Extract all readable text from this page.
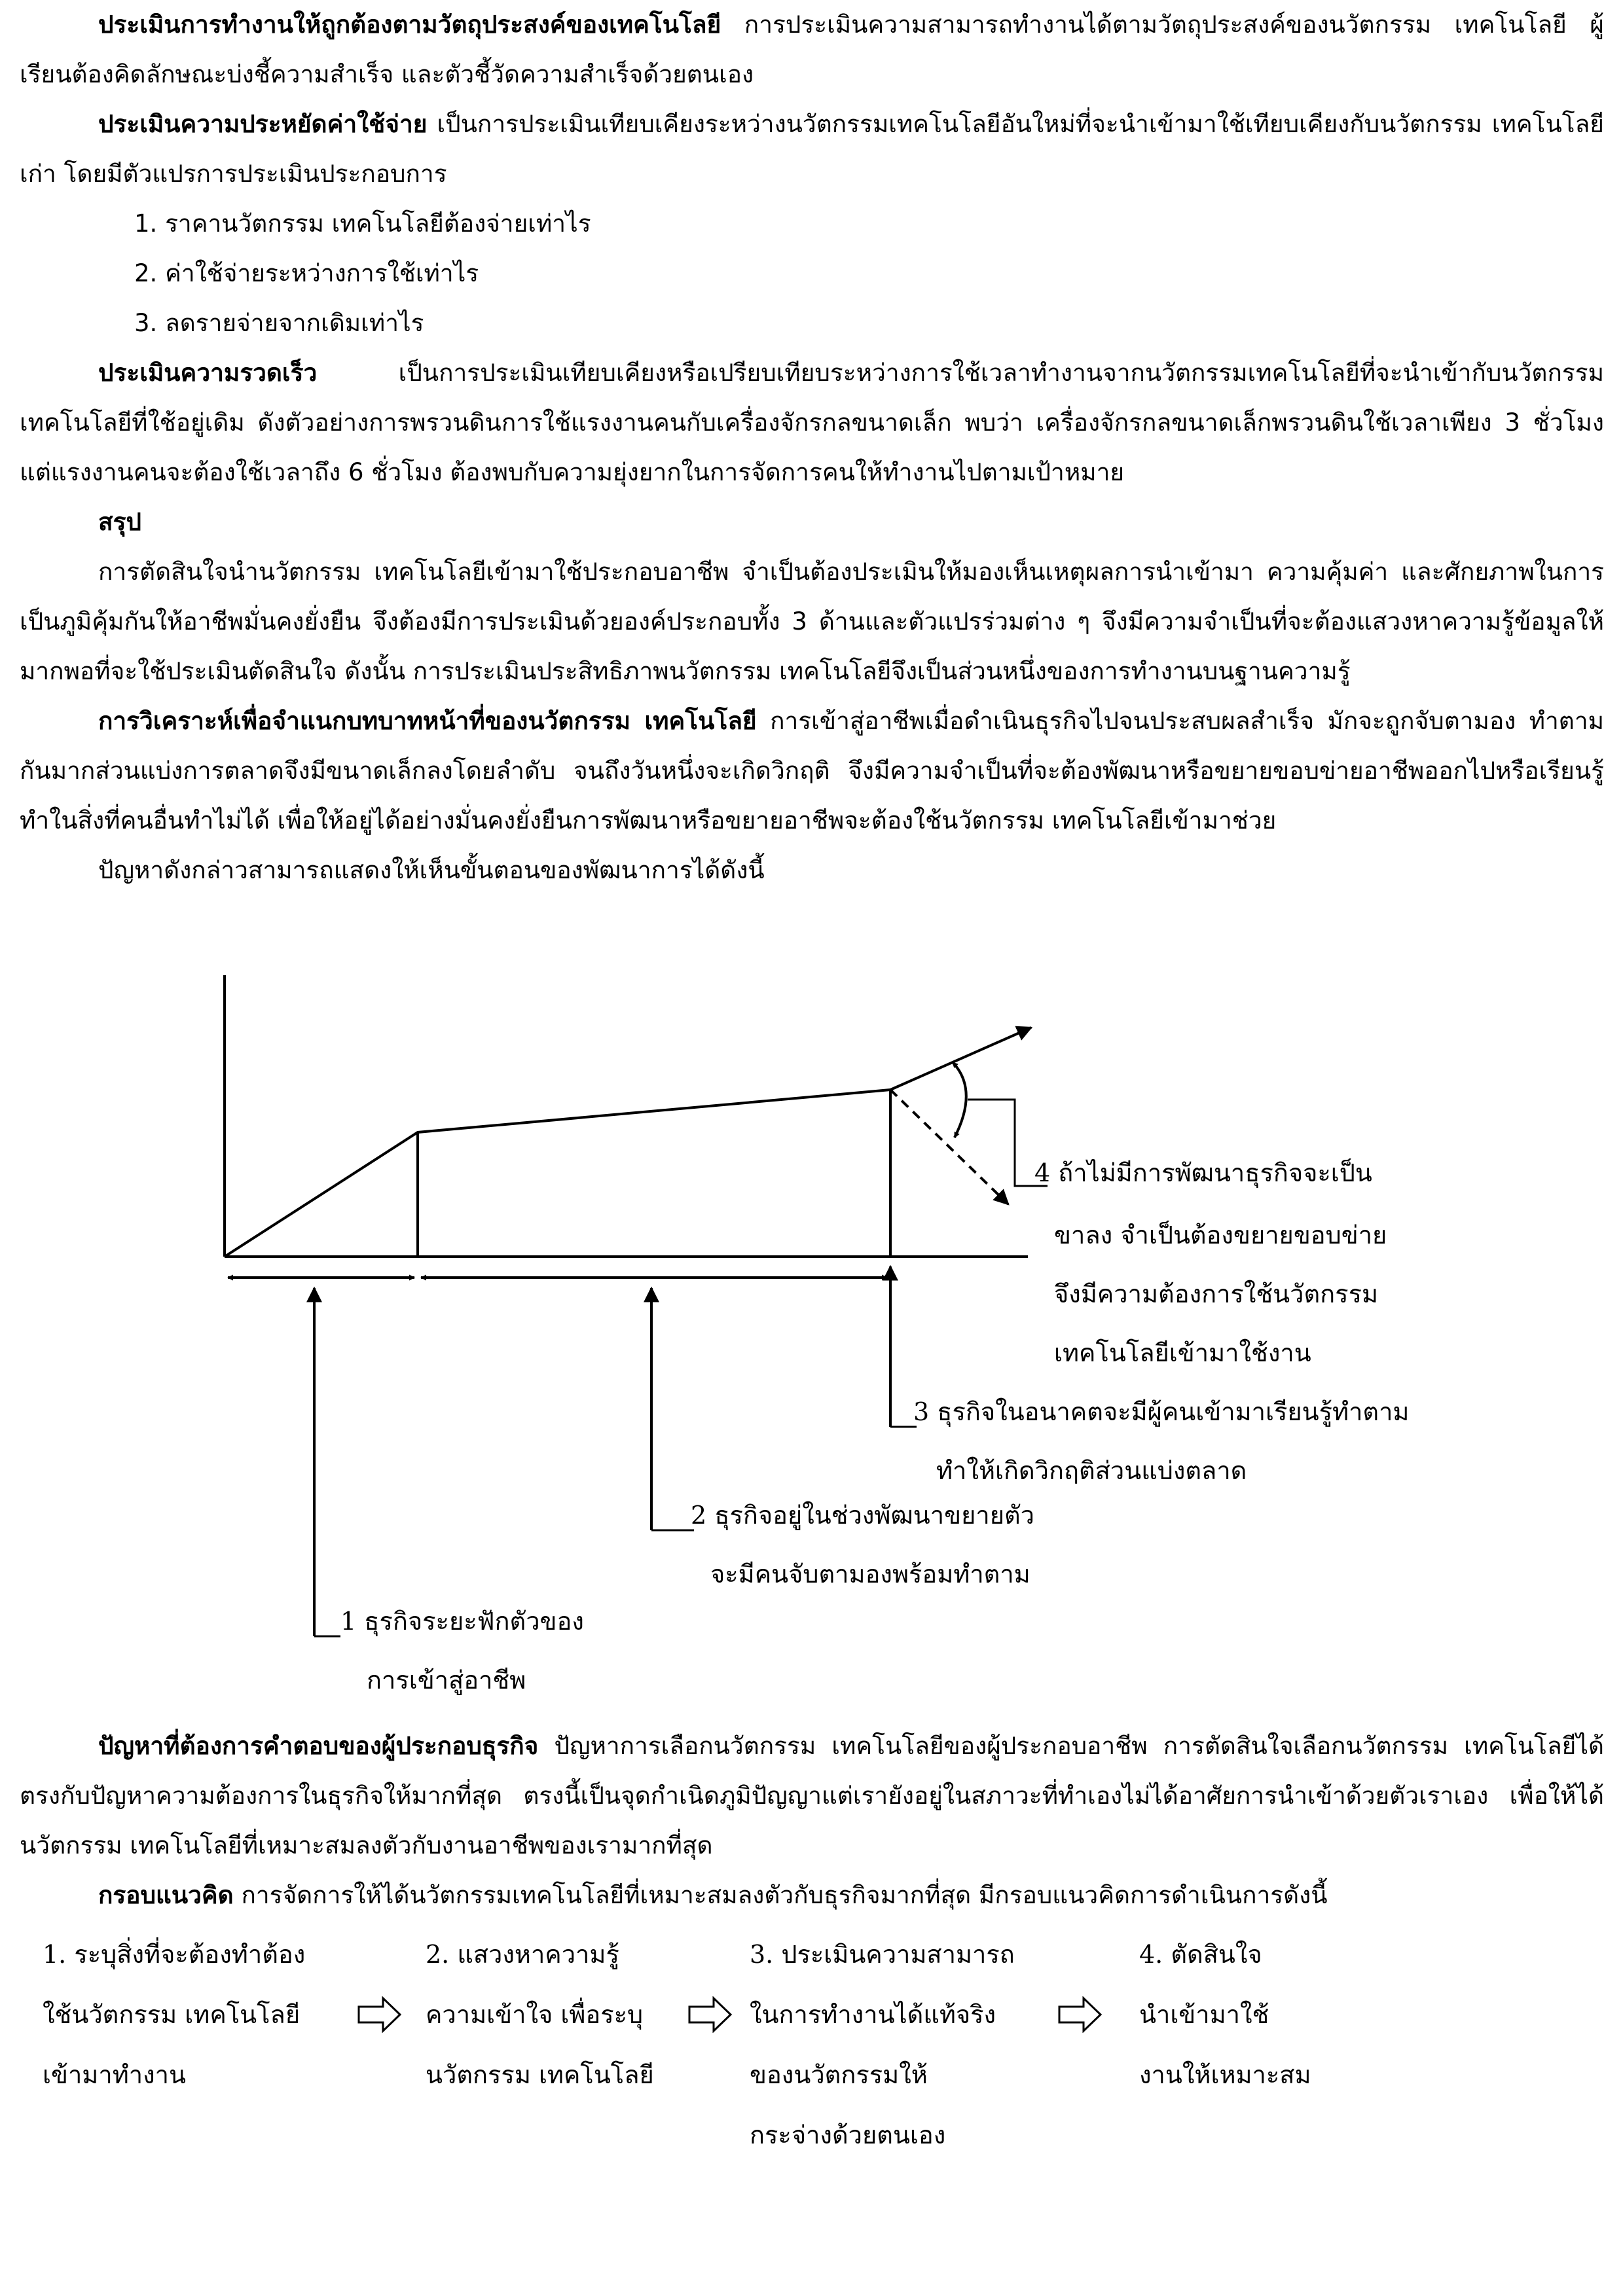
ประเมินการทำงานให้ถูกต้องตามวัตถุประสงค์ของเทคโนโลยี การประเมินความสามารถทำงานได้ตามวัตถุประสงค์ของนวัตกรรม เทคโนโลยี ผู้เรียนต้องคิดลักษณะบ่งชี้ความสำเร็จ และตัวชี้วัดความสำเร็จด้วยตนเอง

ประเมินความประหยัดค่าใช้จ่าย เป็นการประเมินเทียบเคียงระหว่างนวัตกรรมเทคโนโลยีอันใหม่ที่จะนำเข้ามาใช้เทียบเคียงกับนวัตกรรม เทคโนโลยีเก่า โดยมีตัวแปรการประเมินประกอบการ

1. ราคานวัตกรรม เทคโนโลยีต้องจ่ายเท่าไร

2. ค่าใช้จ่ายระหว่างการใช้เท่าไร

3. ลดรายจ่ายจากเดิมเท่าไร

ประเมินความรวดเร็ว เป็นการประเมินเทียบเคียงหรือเปรียบเทียบระหว่างการใช้เวลาทำงานจากนวัตกรรมเทคโนโลยีที่จะนำเข้ากับนวัตกรรม เทคโนโลยีที่ใช้อยู่เดิม ดังตัวอย่างการพรวนดินการใช้แรงงานคนกับเครื่องจักรกลขนาดเล็ก พบว่า เครื่องจักรกลขนาดเล็กพรวนดินใช้เวลาเพียง 3 ชั่วโมง แต่แรงงานคนจะต้องใช้เวลาถึง 6 ชั่วโมง ต้องพบกับความยุ่งยากในการจัดการคนให้ทำงานไปตามเป้าหมาย

สรุป

การตัดสินใจนำนวัตกรรม เทคโนโลยีเข้ามาใช้ประกอบอาชีพ จำเป็นต้องประเมินให้มองเห็นเหตุผลการนำเข้ามา ความคุ้มค่า และศักยภาพในการเป็นภูมิคุ้มกันให้อาชีพมั่นคงยั่งยืน จึงต้องมีการประเมินด้วยองค์ประกอบทั้ง 3 ด้านและตัวแปรร่วมต่าง ๆ จึงมีความจำเป็นที่จะต้องแสวงหาความรู้ข้อมูลให้มากพอที่จะใช้ประเมินตัดสินใจ ดังนั้น การประเมินประสิทธิภาพนวัตกรรม เทคโนโลยีจึงเป็นส่วนหนึ่งของการทำงานบนฐานความรู้

การวิเคราะห์เพื่อจำแนกบทบาทหน้าที่ของนวัตกรรม เทคโนโลยี การเข้าสู่อาชีพเมื่อดำเนินธุรกิจไปจนประสบผลสำเร็จ มักจะถูกจับตามอง ทำตามกันมากส่วนแบ่งการตลาดจึงมีขนาดเล็กลงโดยลำดับ จนถึงวันหนึ่งจะเกิดวิกฤติ จึงมีความจำเป็นที่จะต้องพัฒนาหรือขยายขอบข่ายอาชีพออกไปหรือเรียนรู้ทำในสิ่งที่คนอื่นทำไม่ได้ เพื่อให้อยู่ได้อย่างมั่นคงยั่งยืนการพัฒนาหรือขยายอาชีพจะต้องใช้นวัตกรรม เทคโนโลยีเข้ามาช่วย

ปัญหาดังกล่าวสามารถแสดงให้เห็นขั้นตอนของพัฒนาการได้ดังนี้

4 ถ้าไม่มีการพัฒนาธุรกิจจะเป็น
ขาลง จำเป็นต้องขยายขอบข่าย
จึงมีความต้องการใช้นวัตกรรม
เทคโนโลยีเข้ามาใช้งาน
3 ธุรกิจในอนาคตจะมีผู้คนเข้ามาเรียนรู้ทำตาม
ทำให้เกิดวิกฤติส่วนแบ่งตลาด
2 ธุรกิจอยู่ในช่วงพัฒนาขยายตัว
จะมีคนจับตามองพร้อมทำตาม
1 ธุรกิจระยะฟักตัวของ
การเข้าสู่อาชีพ

ปัญหาที่ต้องการคำตอบของผู้ประกอบธุรกิจ ปัญหาการเลือกนวัตกรรม เทคโนโลยีของผู้ประกอบอาชีพ การตัดสินใจเลือกนวัตกรรม เทคโนโลยีได้ตรงกับปัญหาความต้องการในธุรกิจให้มากที่สุด ตรงนี้เป็นจุดกำเนิดภูมิปัญญาแต่เรายังอยู่ในสภาวะที่ทำเองไม่ได้อาศัยการนำเข้าด้วยตัวเราเอง เพื่อให้ได้นวัตกรรม เทคโนโลยีที่เหมาะสมลงตัวกับงานอาชีพของเรามากที่สุด

กรอบแนวคิด การจัดการให้ได้นวัตกรรมเทคโนโลยีที่เหมาะสมลงตัวกับธุรกิจมากที่สุด มีกรอบแนวคิดการดำเนินการดังนี้

1. ระบุสิ่งที่จะต้องทำต้อง
ใช้นวัตกรรม เทคโนโลยี
เข้ามาทำงาน
2. แสวงหาความรู้
ความเข้าใจ เพื่อระบุ
นวัตกรรม เทคโนโลยี
3. ประเมินความสามารถ
ในการทำงานได้แท้จริง
ของนวัตกรรมให้
กระจ่างด้วยตนเอง
4. ตัดสินใจ
นำเข้ามาใช้
งานให้เหมาะสม
